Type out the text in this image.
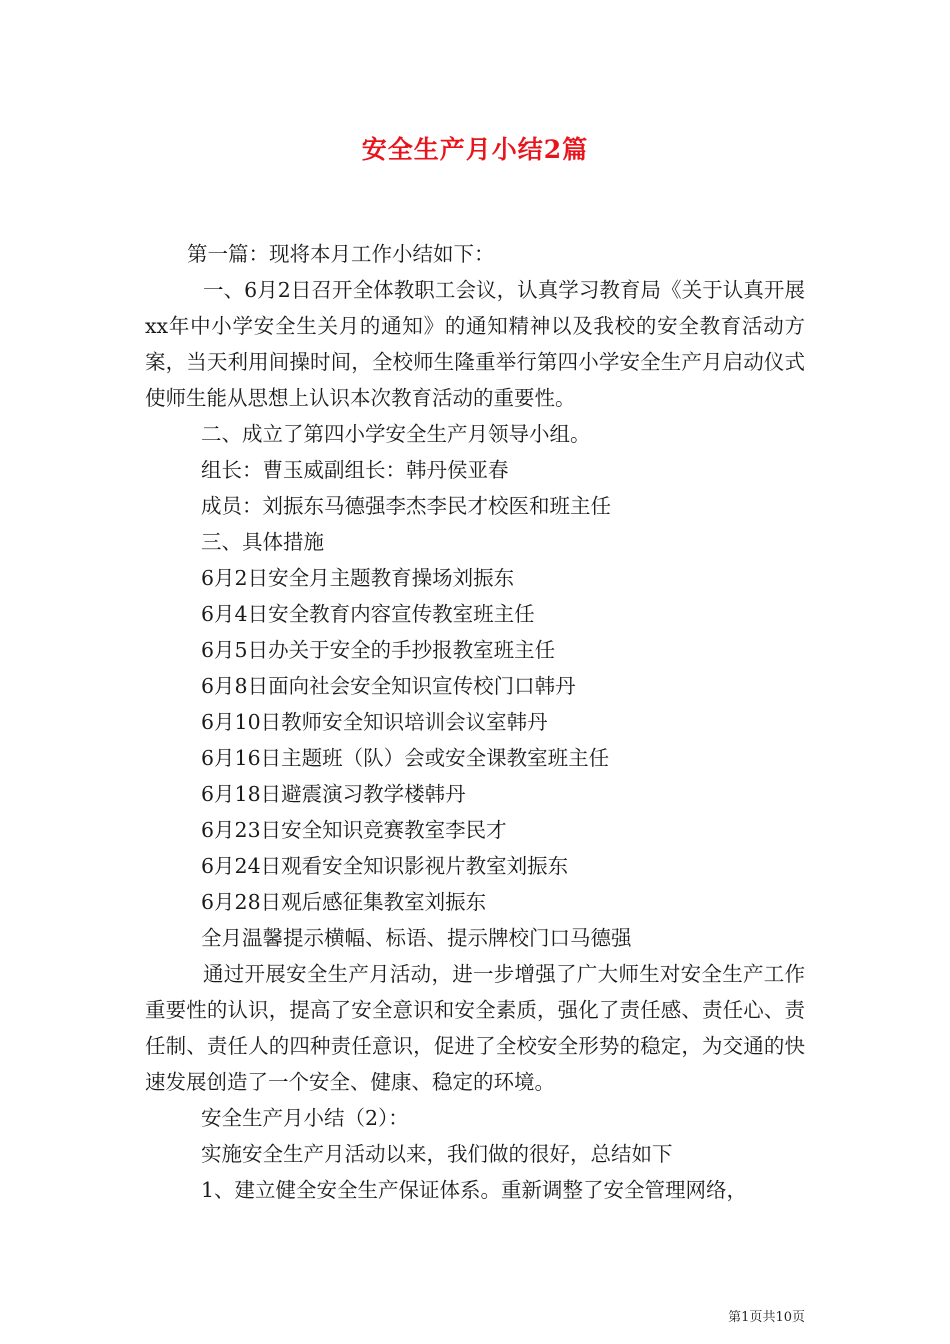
安全生产月小结2篇

第一篇：现将本月工作小结如下：

一、6月2日召开全体教职工会议，认真学习教育局《关于认真开展xx年中小学安全生关月的通知》的通知精神以及我校的安全教育活动方案，当天利用间操时间，全校师生隆重举行第四小学安全生产月启动仪式使师生能从思想上认识本次教育活动的重要性。

二、成立了第四小学安全生产月领导小组。

组长：曹玉威副组长：韩丹侯亚春

成员：刘振东马德强李杰李民才校医和班主任

三、具体措施

6月2日安全月主题教育操场刘振东

6月4日安全教育内容宣传教室班主任

6月5日办关于安全的手抄报教室班主任

6月8日面向社会安全知识宣传校门口韩丹

6月10日教师安全知识培训会议室韩丹

6月16日主题班（队）会或安全课教室班主任

6月18日避震演习教学楼韩丹

6月23日安全知识竞赛教室李民才

6月24日观看安全知识影视片教室刘振东

6月28日观后感征集教室刘振东

全月温馨提示横幅、标语、提示牌校门口马德强

通过开展安全生产月活动，进一步增强了广大师生对安全生产工作重要性的认识，提高了安全意识和安全素质，强化了责任感、责任心、责任制、责任人的四种责任意识，促进了全校安全形势的稳定，为交通的快速发展创造了一个安全、健康、稳定的环境。

安全生产月小结（2）：

实施安全生产月活动以来，我们做的很好，总结如下

1、建立健全安全生产保证体系。重新调整了安全管理网络，

第1页共10页
